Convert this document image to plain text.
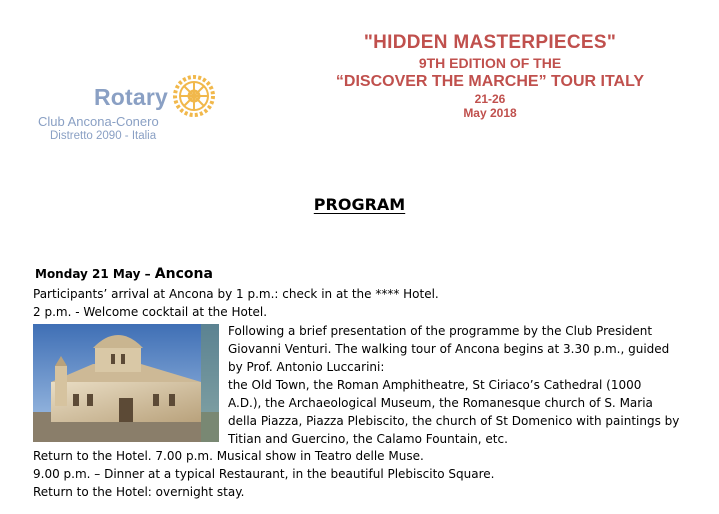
Rotary
Club Ancona-Conero
Distretto 2090 - Italia
"HIDDEN MASTERPIECES"
9TH EDITION OF THE
“DISCOVER THE MARCHE” TOUR ITALY
21-26
May 2018
PROGRAM
Monday 21 May – Ancona
Participants’ arrival at Ancona by 1 p.m.: check in at the **** Hotel.
2 p.m. - Welcome cocktail at the Hotel.
Following a brief presentation of the programme by the Club President
Giovanni Venturi. The walking tour of Ancona begins at 3.30 p.m., guided
by Prof. Antonio Luccarini:
the Old Town, the Roman Amphitheatre, St Ciriaco’s Cathedral (1000
A.D.), the Archaeological Museum, the Romanesque church of S. Maria
della Piazza, Piazza Plebiscito, the church of St Domenico with paintings by
Titian and Guercino, the Calamo Fountain, etc.
Return to the Hotel. 7.00 p.m. Musical show in Teatro delle Muse.
9.00 p.m. – Dinner at a typical Restaurant, in the beautiful Plebiscito Square.
Return to the Hotel: overnight stay.
